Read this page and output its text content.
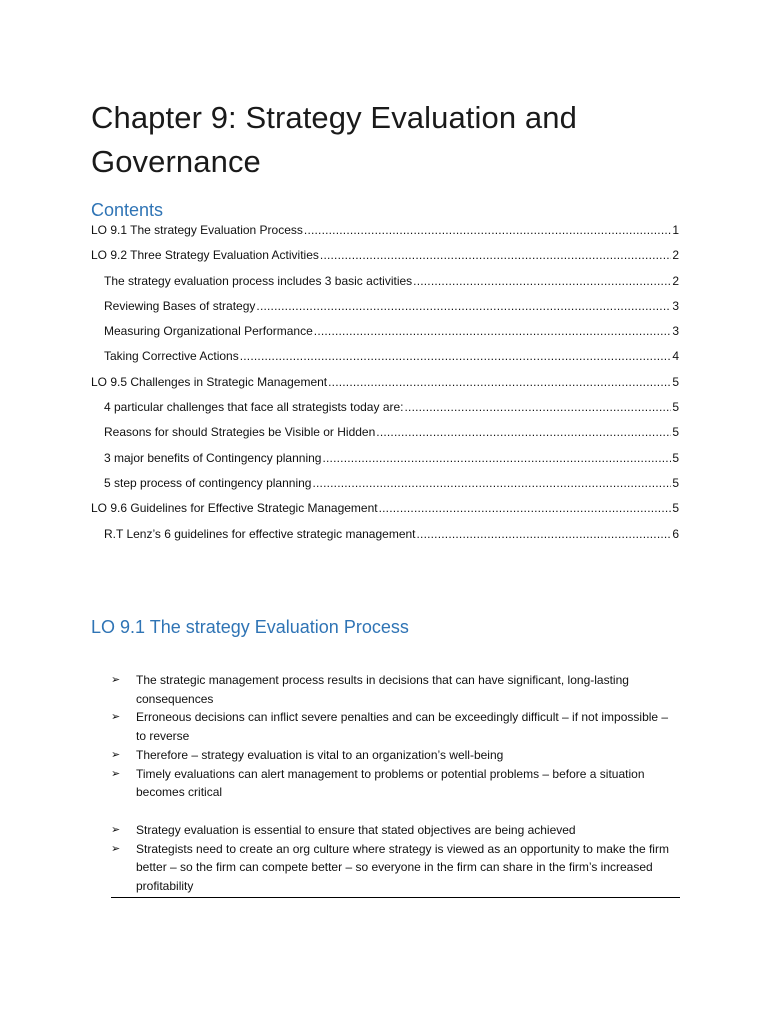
Chapter 9: Strategy Evaluation and Governance
Contents
LO 9.1 The strategy Evaluation Process .....	1
LO 9.2 Three Strategy Evaluation Activities .....	2
The strategy evaluation process includes 3 basic activities .....	2
Reviewing Bases of strategy .....	3
Measuring Organizational Performance .....	3
Taking Corrective Actions .....	4
LO 9.5 Challenges in Strategic Management .....	5
4 particular challenges that face all strategists today are: .....	5
Reasons for should Strategies be Visible or Hidden .....	5
3 major benefits of Contingency planning .....	5
5 step process of contingency planning .....	5
LO 9.6 Guidelines for Effective Strategic Management .....	5
R.T Lenz’s 6 guidelines for effective strategic management .....	6
LO 9.1 The strategy Evaluation Process
➢ The strategic management process results in decisions that can have significant, long-lasting consequences
➢ Erroneous decisions can inflict severe penalties and can be exceedingly difficult – if not impossible – to reverse
➢ Therefore – strategy evaluation is vital to an organization’s well-being
➢ Timely evaluations can alert management to problems or potential problems – before a situation becomes critical
➢ Strategy evaluation is essential to ensure that stated objectives are being achieved
➢ Strategists need to create an org culture where strategy is viewed as an opportunity to make the firm better – so the firm can compete better – so everyone in the firm can share in the firm’s increased profitability
